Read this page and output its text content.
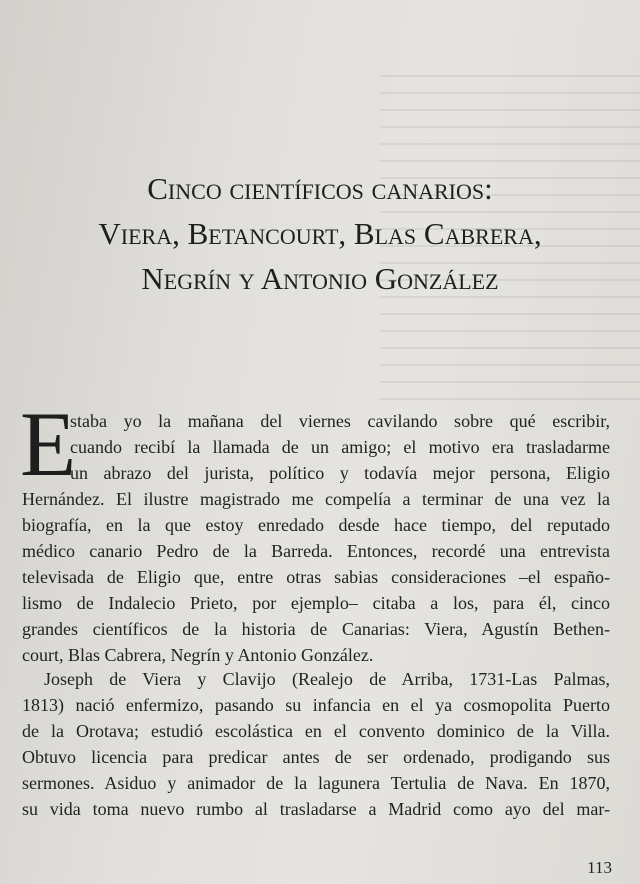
Cinco científicos canarios:
Viera, Betancourt, Blas Cabrera,
Negrín y Antonio González
E
staba yo la mañana del viernes cavilando sobre qué escribir,
cuando recibí la llamada de un amigo; el motivo era trasladarme
un abrazo del jurista, político y todavía mejor persona, Eligio
Hernández. El ilustre magistrado me compelía a terminar de una vez la
biografía, en la que estoy enredado desde hace tiempo, del reputado
médico canario Pedro de la Barreda. Entonces, recordé una entrevista
televisada de Eligio que, entre otras sabias consideraciones –el españo-
lismo de Indalecio Prieto, por ejemplo– citaba a los, para él, cinco
grandes científicos de la historia de Canarias: Viera, Agustín Bethen-
court, Blas Cabrera, Negrín y Antonio González.
Joseph de Viera y Clavijo (Realejo de Arriba, 1731-Las Palmas,
1813) nació enfermizo, pasando su infancia en el ya cosmopolita Puerto
de la Orotava; estudió escolástica en el convento dominico de la Villa.
Obtuvo licencia para predicar antes de ser ordenado, prodigando sus
sermones. Asiduo y animador de la lagunera Tertulia de Nava. En 1870,
su vida toma nuevo rumbo al trasladarse a Madrid como ayo del mar-
113
